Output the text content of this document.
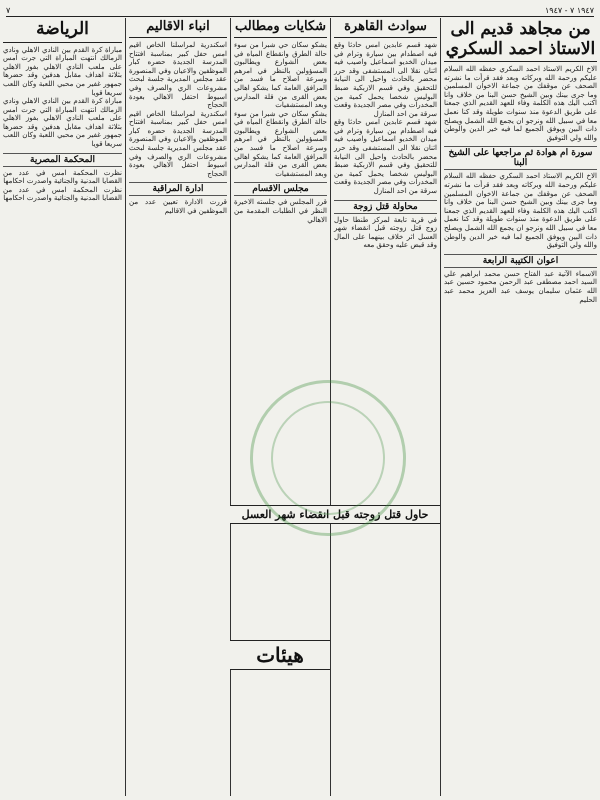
١٩٤٧ ٧ - ١٩٤٧
٧
من مجاهد قديم الى الاستاذ احمد السكري
الاخ الكريم الاستاذ احمد السكري حفظه الله السلام عليكم ورحمة الله وبركاته وبعد فقد قرأت ما نشرته الصحف عن موقفك من جماعة الاخوان المسلمين وما جرى بينك وبين الشيخ حسن البنا من خلاف وانا اكتب اليك هذه الكلمة وفاء للعهد القديم الذي جمعنا على طريق الدعوة منذ سنوات طويلة وقد كنا نعمل معا في سبيل الله ونرجو ان يجمع الله الشمل ويصلح ذات البين ويوفق الجميع لما فيه خير الدين والوطن والله ولي التوفيق
سورة ام هوادة ثم مراجعها على الشيخ البنا
الاخ الكريم الاستاذ احمد السكري حفظه الله السلام عليكم ورحمة الله وبركاته وبعد فقد قرأت ما نشرته الصحف عن موقفك من جماعة الاخوان المسلمين وما جرى بينك وبين الشيخ حسن البنا من خلاف وانا اكتب اليك هذه الكلمة وفاء للعهد القديم الذي جمعنا على طريق الدعوة منذ سنوات طويلة وقد كنا نعمل معا في سبيل الله ونرجو ان يجمع الله الشمل ويصلح ذات البين ويوفق الجميع لما فيه خير الدين والوطن والله ولي التوفيق
اعوان الكتيبة الرابعة
الاسماء الآتية عبد الفتاح حسن محمد ابراهيم علي السيد احمد مصطفى عبد الرحمن محمود حسين عبد الله عثمان سليمان يوسف عبد العزيز محمد عبد الحليم
سوادث القاهرة
شهد قسم عابدين امس حادثا وقع فيه اصطدام بين سيارة وترام في ميدان الخديو اسماعيل واصيب فيه اثنان نقلا الى المستشفى وقد حرر محضر بالحادث واحيل الى النيابة للتحقيق وفي قسم الازبكية ضبط البوليس شخصا يحمل كمية من المخدرات وفي مصر الجديدة وقعت سرقة من احد المنازل
شهد قسم عابدين امس حادثا وقع فيه اصطدام بين سيارة وترام في ميدان الخديو اسماعيل واصيب فيه اثنان نقلا الى المستشفى وقد حرر محضر بالحادث واحيل الى النيابة للتحقيق وفي قسم الازبكية ضبط البوليس شخصا يحمل كمية من المخدرات وفي مصر الجديدة وقعت سرقة من احد المنازل
محاولة قتل زوجة
في قرية تابعة لمركز طنطا حاول زوج قتل زوجته قبل انقضاء شهر العسل اثر خلاف بينهما على المال وقد قبض عليه وحقق معه
شكايات ومطالب
يشكو سكان حي شبرا من سوء حالة الطرق وانقطاع المياه في بعض الشوارع ويطالبون المسؤولين بالنظر في امرهم وسرعة اصلاح ما فسد من المرافق العامة كما يشكو اهالي بعض القرى من قلة المدارس وبعد المستشفيات
يشكو سكان حي شبرا من سوء حالة الطرق وانقطاع المياه في بعض الشوارع ويطالبون المسؤولين بالنظر في امرهم وسرعة اصلاح ما فسد من المرافق العامة كما يشكو اهالي بعض القرى من قلة المدارس وبعد المستشفيات
مجلس الاقسام
قرر المجلس في جلسته الاخيرة النظر في الطلبات المقدمة من الاهالي
انباء الاقاليم
اسكندرية لمراسلنا الخاص اقيم امس حفل كبير بمناسبة افتتاح المدرسة الجديدة حضره كبار الموظفين والاعيان وفي المنصورة عقد مجلس المديرية جلسة لبحث مشروعات الري والصرف وفي اسيوط احتفل الاهالي بعودة الحجاج
اسكندرية لمراسلنا الخاص اقيم امس حفل كبير بمناسبة افتتاح المدرسة الجديدة حضره كبار الموظفين والاعيان وفي المنصورة عقد مجلس المديرية جلسة لبحث مشروعات الري والصرف وفي اسيوط احتفل الاهالي بعودة الحجاج
ادارة المراقبة
قررت الادارة تعيين عدد من الموظفين في الاقاليم
الرياضة
مباراة كرة القدم بين النادي الاهلي ونادي الزمالك انتهت المباراة التي جرت امس على ملعب النادي الاهلي بفوز الاهلي بثلاثة اهداف مقابل هدفين وقد حضرها جمهور غفير من محبي اللعبة وكان اللعب سريعا قويا
مباراة كرة القدم بين النادي الاهلي ونادي الزمالك انتهت المباراة التي جرت امس على ملعب النادي الاهلي بفوز الاهلي بثلاثة اهداف مقابل هدفين وقد حضرها جمهور غفير من محبي اللعبة وكان اللعب سريعا قويا
المحكمة المصرية
نظرت المحكمة امس في عدد من القضايا المدنية والجنائية واصدرت احكامها
نظرت المحكمة امس في عدد من القضايا المدنية والجنائية واصدرت احكامها
حاول قتل زوجته قبل انقضاء شهر العسل
هيئات
